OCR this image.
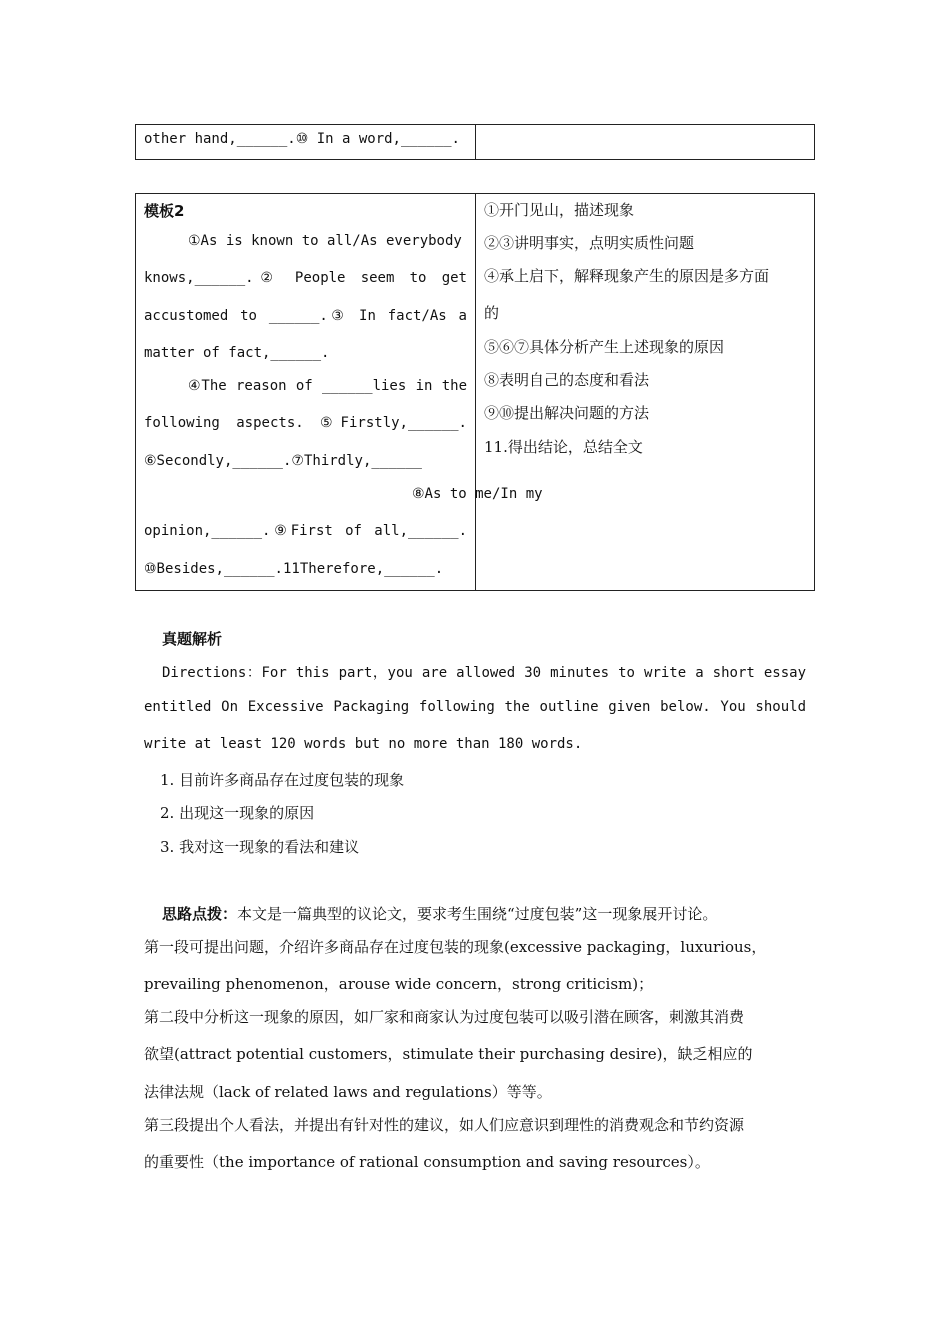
other hand,______.⑩ In a word,______.
模板2
①As is known to all/As everybody
knows,______.② People seem to get
accustomed to ______.③ In fact/As a
matter of fact,______.
④The reason of ______lies in the
following aspects. ⑤Firstly,______.
⑥Secondly,______.⑦Thirdly,______
⑧As to me/In my
opinion,______.⑨First of all,______.
⑩Besides,______.11Therefore,______.
①开门见山，描述现象
②③讲明事实，点明实质性问题
④承上启下，解释现象产生的原因是多方面
的
⑤⑥⑦具体分析产生上述现象的原因
⑧表明自己的态度和看法
⑨⑩提出解决问题的方法
11.得出结论，总结全文
真题解析
Directions：For this part，you are allowed 30 minutes to write a short essay
entitled On Excessive Packaging following the outline given below. You should
write at least 120 words but no more than 180 words.
1. 目前许多商品存在过度包装的现象
2. 出现这一现象的原因
3. 我对这一现象的看法和建议
思路点拨：本文是一篇典型的议论文，要求考生围绕“过度包装”这一现象展开讨论。
第一段可提出问题，介绍许多商品存在过度包装的现象(excessive packaging，luxurious，
prevailing phenomenon，arouse wide concern，strong criticism)；
第二段中分析这一现象的原因，如厂家和商家认为过度包装可以吸引潜在顾客，刺激其消费
欲望(attract potential customers，stimulate their purchasing desire)，缺乏相应的
法律法规（lack of related laws and regulations）等等。
第三段提出个人看法，并提出有针对性的建议，如人们应意识到理性的消费观念和节约资源
的重要性（the importance of rational consumption and saving resources）。
